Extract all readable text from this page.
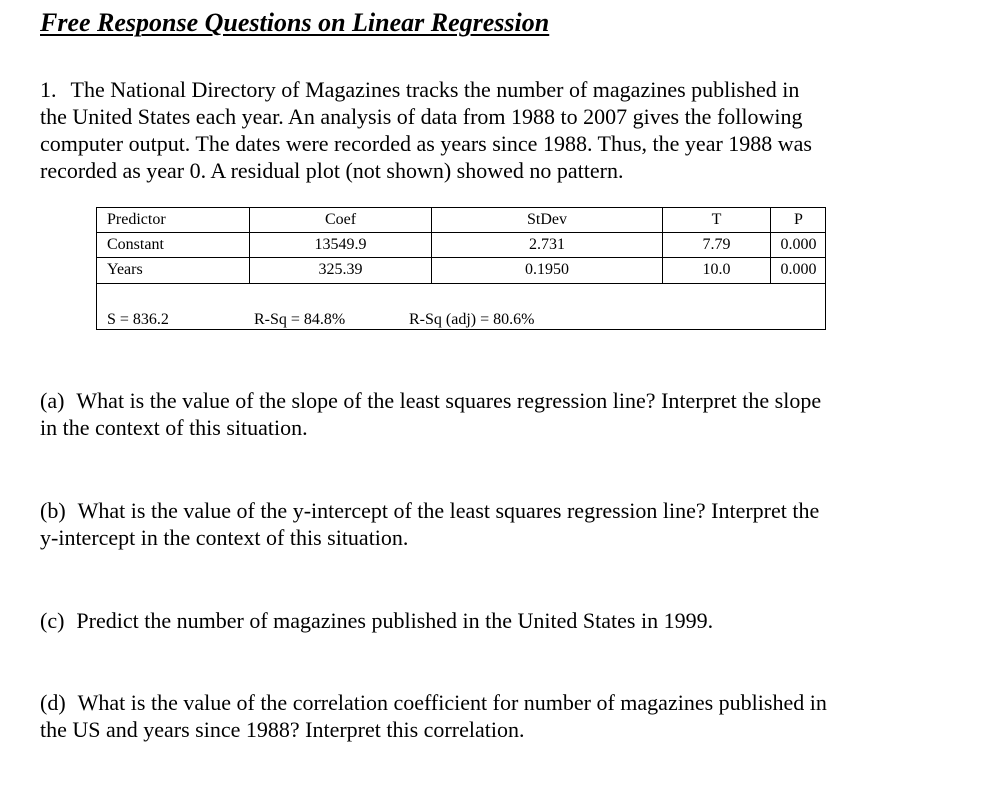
Free Response Questions on Linear Regression
1. The National Directory of Magazines tracks the number of magazines published in
the United States each year. An analysis of data from 1988 to 2007 gives the following
computer output. The dates were recorded as years since 1988. Thus, the year 1988 was
recorded as year 0. A residual plot (not shown) showed no pattern.
Predictor	Coef	StDev	T	P
Constant	13549.9	2.731	7.79	0.000
Years	325.39	0.1950	10.0	0.000
S = 836.2	R-Sq = 84.8%	R-Sq (adj) = 80.6%
(a) What is the value of the slope of the least squares regression line? Interpret the slope
in the context of this situation.
(b) What is the value of the y-intercept of the least squares regression line? Interpret the
y-intercept in the context of this situation.
(c) Predict the number of magazines published in the United States in 1999.
(d) What is the value of the correlation coefficient for number of magazines published in
the US and years since 1988? Interpret this correlation.
